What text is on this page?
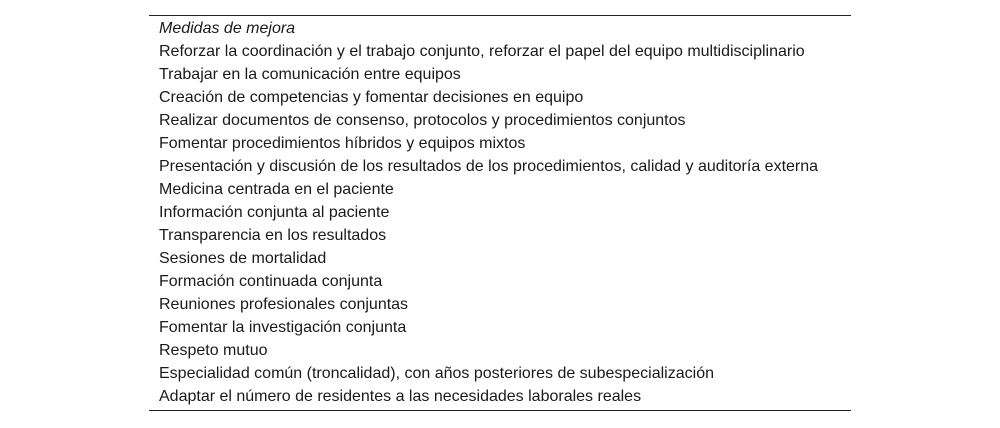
Medidas de mejora
Reforzar la coordinación y el trabajo conjunto, reforzar el papel del equipo multidisciplinario
Trabajar en la comunicación entre equipos
Creación de competencias y fomentar decisiones en equipo
Realizar documentos de consenso, protocolos y procedimientos conjuntos
Fomentar procedimientos híbridos y equipos mixtos
Presentación y discusión de los resultados de los procedimientos, calidad y auditoría externa
Medicina centrada en el paciente
Información conjunta al paciente
Transparencia en los resultados
Sesiones de mortalidad
Formación continuada conjunta
Reuniones profesionales conjuntas
Fomentar la investigación conjunta
Respeto mutuo
Especialidad común (troncalidad), con años posteriores de subespecialización
Adaptar el número de residentes a las necesidades laborales reales
